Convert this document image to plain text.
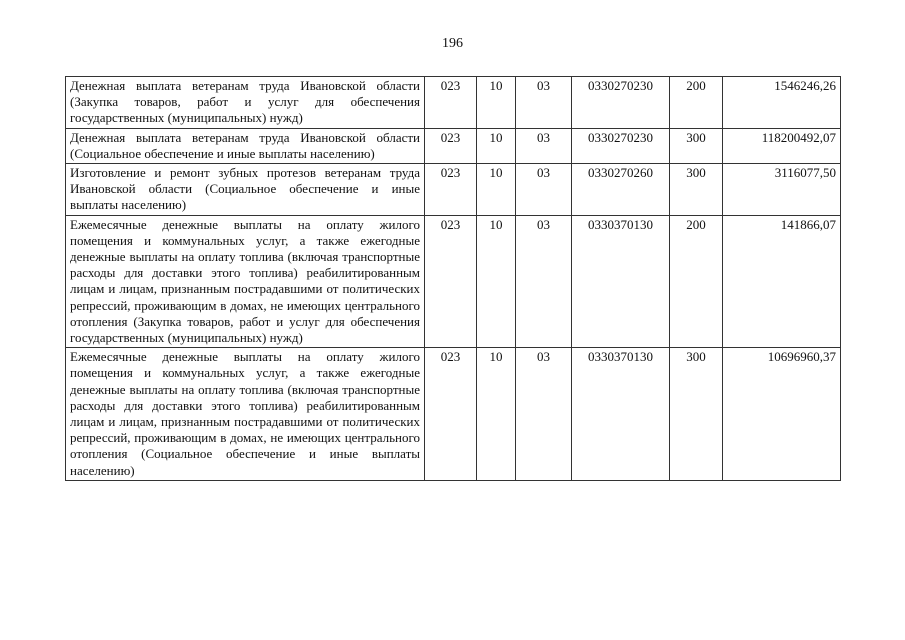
196
Денежная выплата ветеранам труда Ивановской области (Закупка товаров, работ и услуг для обеспечения государственных (муниципальных) нужд)	023	10	03	0330270230	200	1546246,26
Денежная выплата ветеранам труда Ивановской области (Социальное обеспечение и иные выплаты населению)	023	10	03	0330270230	300	118200492,07
Изготовление и ремонт зубных протезов ветеранам труда Ивановской области (Социальное обеспечение и иные выплаты населению)	023	10	03	0330270260	300	3116077,50
Ежемесячные денежные выплаты на оплату жилого помещения и коммунальных услуг, а также ежегодные денежные выплаты на оплату топлива (включая транспортные расходы для доставки этого топлива) реабилитированным лицам и лицам, признанным пострадавшими от политических репрессий, проживающим в домах, не имеющих центрального отопления (Закупка товаров, работ и услуг для обеспечения государственных (муниципальных) нужд)	023	10	03	0330370130	200	141866,07
Ежемесячные денежные выплаты на оплату жилого помещения и коммунальных услуг, а также ежегодные денежные выплаты на оплату топлива (включая транспортные расходы для доставки этого топлива) реабилитированным лицам и лицам, признанным пострадавшими от политических репрессий, проживающим в домах, не имеющих центрального отопления (Социальное обеспечение и иные выплаты населению)	023	10	03	0330370130	300	10696960,37
